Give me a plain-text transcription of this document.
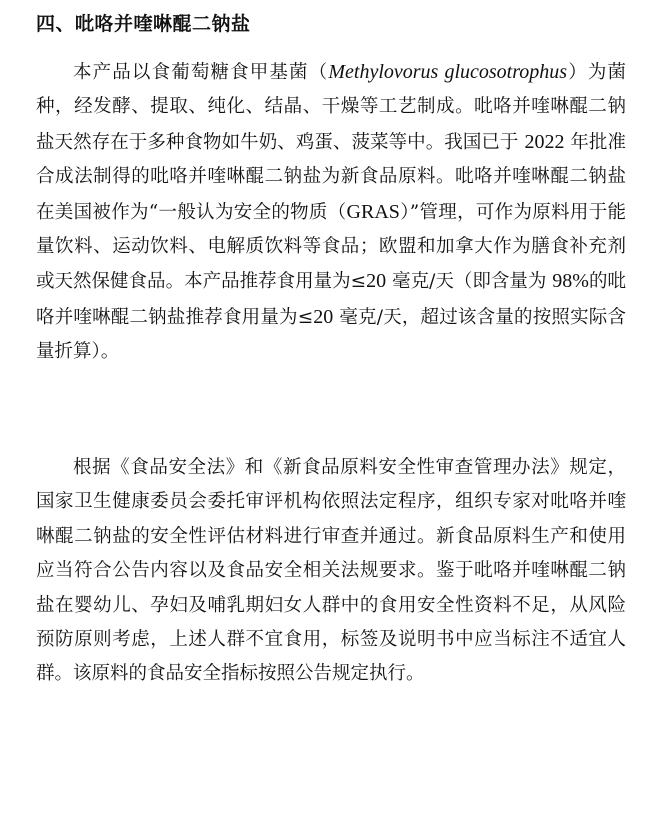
四、吡咯并喹啉醌二钠盐

本产品以食葡萄糖食甲基菌（Methylovorus glucosotrophus）为菌种，经发酵、提取、纯化、结晶、干燥等工艺制成。吡咯并喹啉醌二钠盐天然存在于多种食物如牛奶、鸡蛋、菠菜等中。我国已于 2022 年批准合成法制得的吡咯并喹啉醌二钠盐为新食品原料。吡咯并喹啉醌二钠盐在美国被作为“一般认为安全的物质（GRAS）”管理，可作为原料用于能量饮料、运动饮料、电解质饮料等食品；欧盟和加拿大作为膳食补充剂或天然保健食品。本产品推荐食用量为≤20 毫克/天（即含量为 98%的吡咯并喹啉醌二钠盐推荐食用量为≤20 毫克/天，超过该含量的按照实际含量折算）。

根据《食品安全法》和《新食品原料安全性审查管理办法》规定，国家卫生健康委员会委托审评机构依照法定程序，组织专家对吡咯并喹啉醌二钠盐的安全性评估材料进行审查并通过。新食品原料生产和使用应当符合公告内容以及食品安全相关法规要求。鉴于吡咯并喹啉醌二钠盐在婴幼儿、孕妇及哺乳期妇女人群中的食用安全性资料不足，从风险预防原则考虑，上述人群不宜食用，标签及说明书中应当标注不适宜人群。该原料的食品安全指标按照公告规定执行。
